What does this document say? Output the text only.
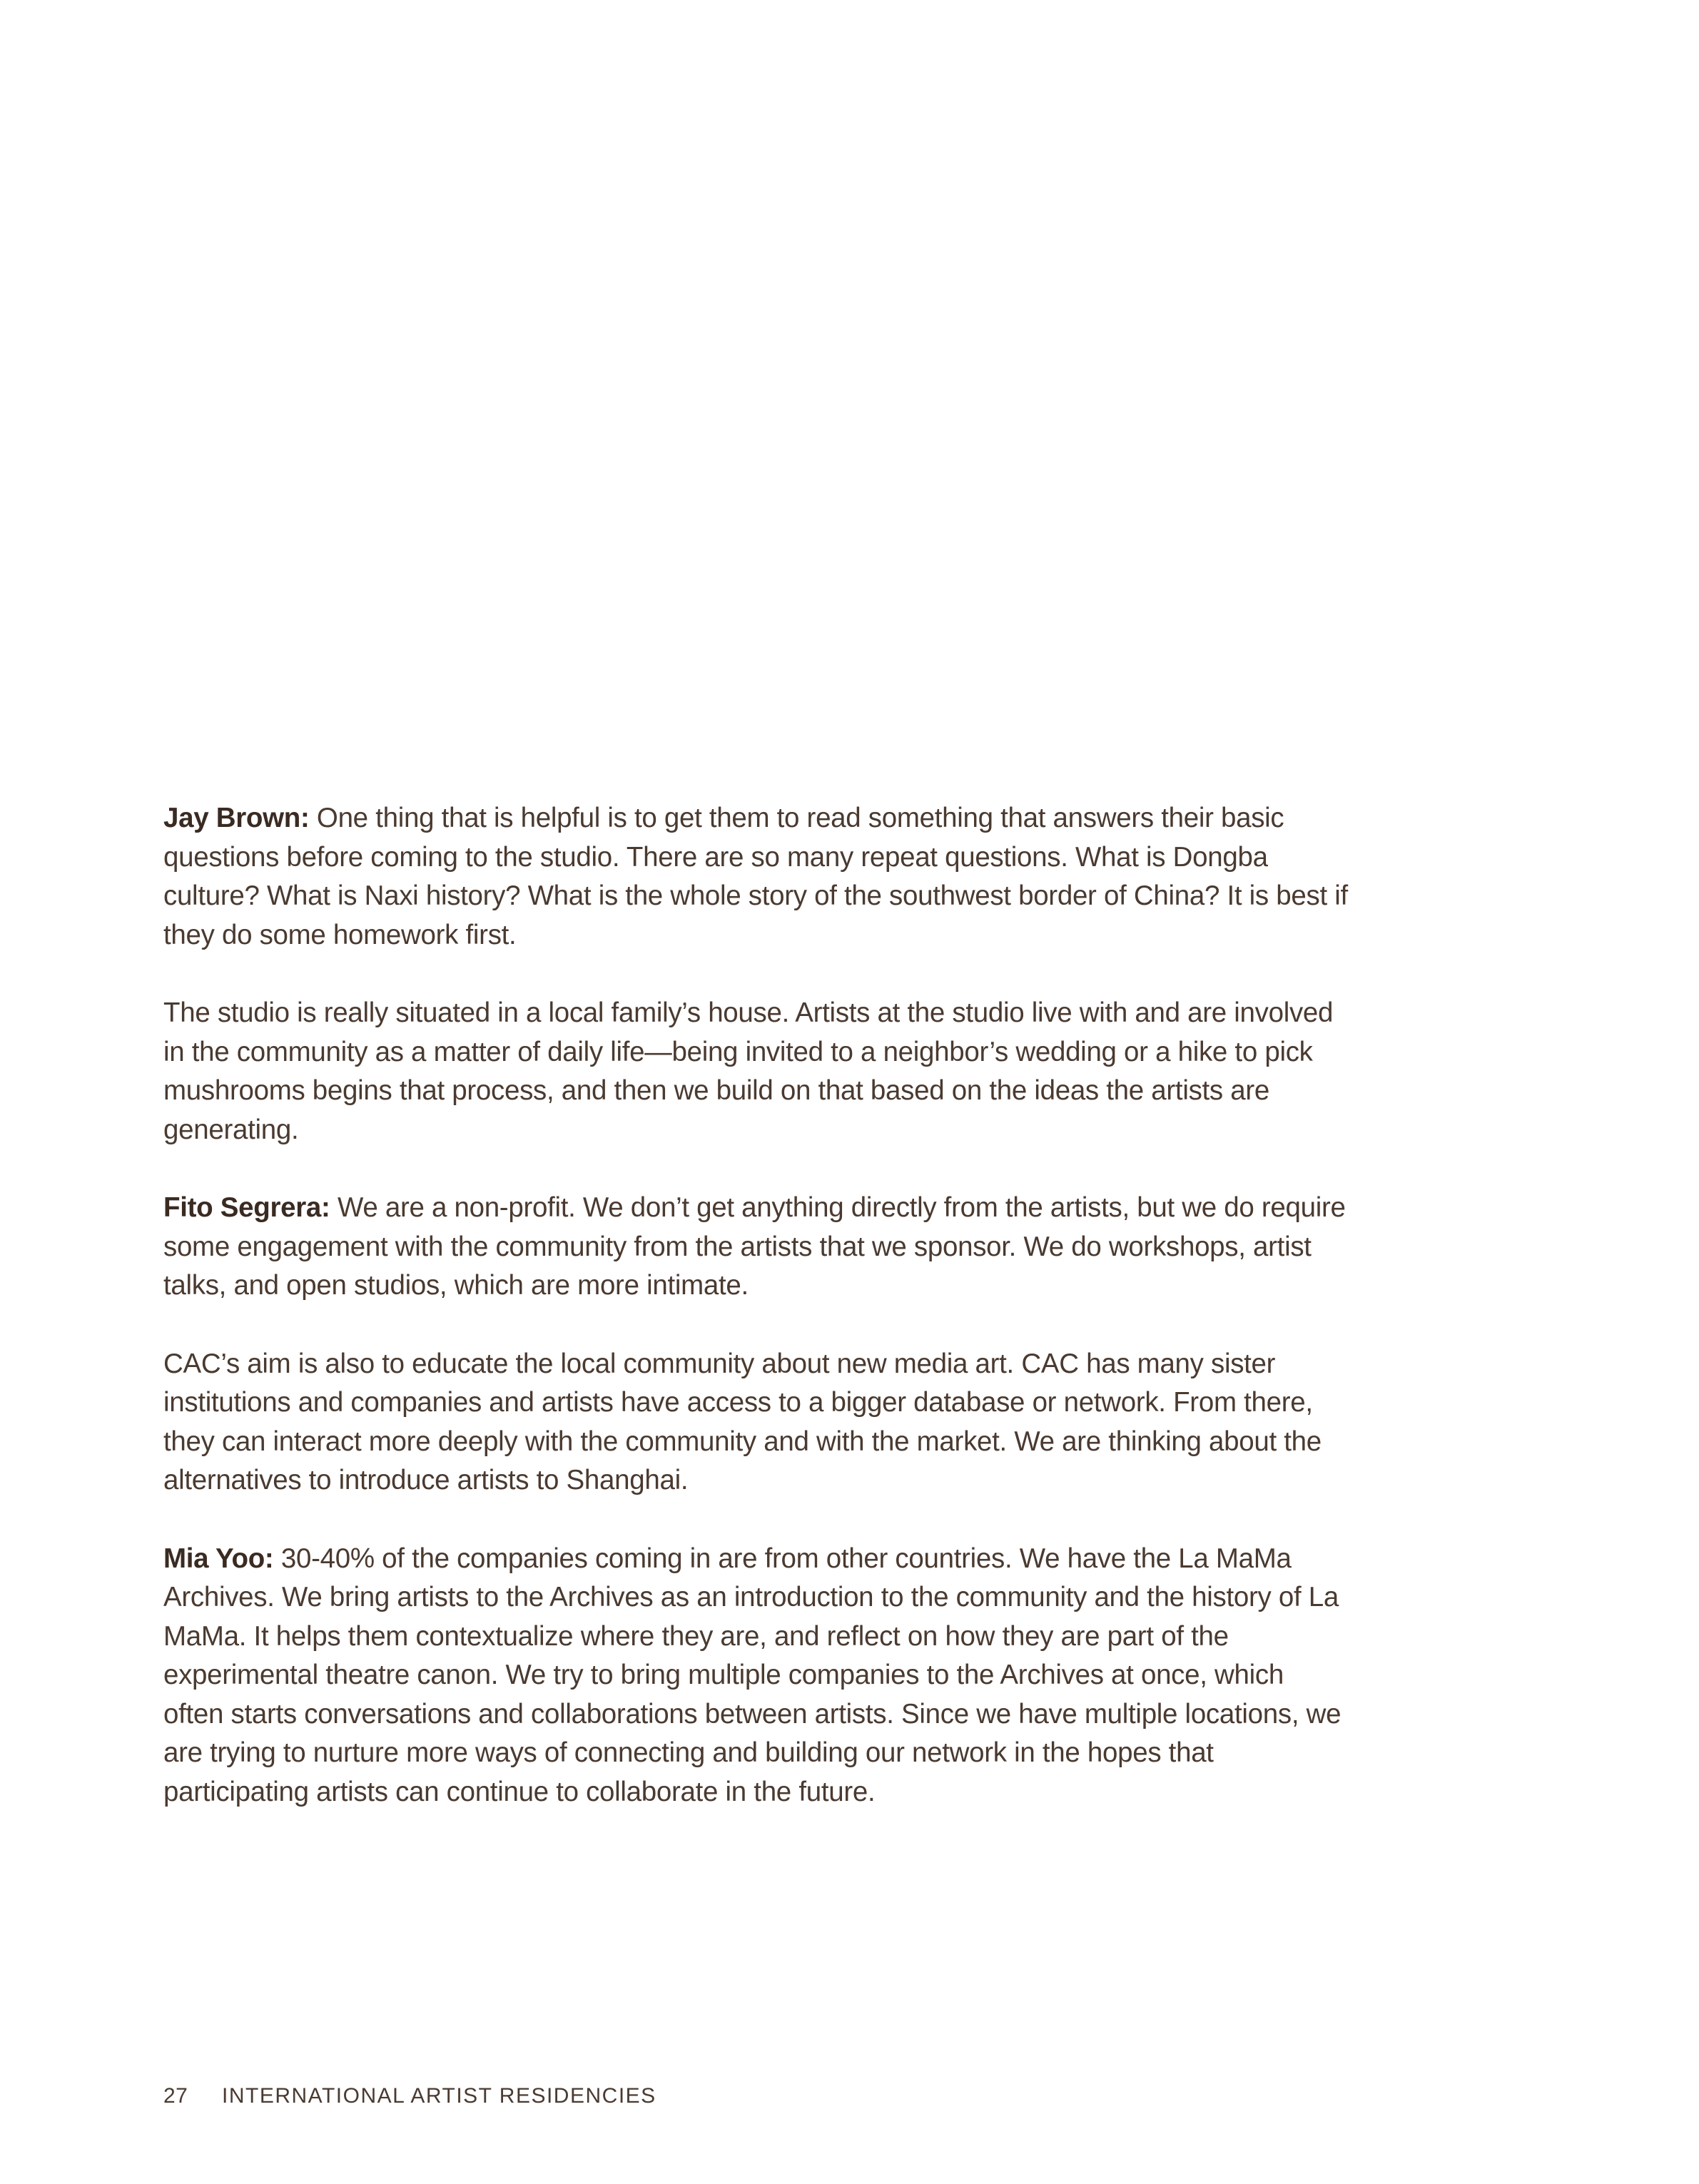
Jay Brown: One thing that is helpful is to get them to read something that answers their basic questions before coming to the studio. There are so many repeat questions. What is Dongba culture? What is Naxi history? What is the whole story of the southwest border of China? It is best if they do some homework first.

The studio is really situated in a local family’s house. Artists at the studio live with and are involved in the community as a matter of daily life—being invited to a neighbor’s wedding or a hike to pick mushrooms begins that process, and then we build on that based on the ideas the artists are generating.

Fito Segrera: We are a non-profit. We don’t get anything directly from the artists, but we do require some engagement with the community from the artists that we sponsor. We do workshops, artist talks, and open studios, which are more intimate.

CAC’s aim is also to educate the local community about new media art. CAC has many sister institutions and companies and artists have access to a bigger database or network. From there, they can interact more deeply with the community and with the market. We are thinking about the alternatives to introduce artists to Shanghai.

Mia Yoo: 30-40% of the companies coming in are from other countries. We have the La MaMa Archives. We bring artists to the Archives as an introduction to the community and the history of La MaMa. It helps them contextualize where they are, and reflect on how they are part of the experimental theatre canon. We try to bring multiple companies to the Archives at once, which often starts conversations and collaborations between artists. Since we have multiple locations, we are trying to nurture more ways of connecting and building our network in the hopes that participating artists can continue to collaborate in the future.

27 INTERNATIONAL ARTIST RESIDENCIES
